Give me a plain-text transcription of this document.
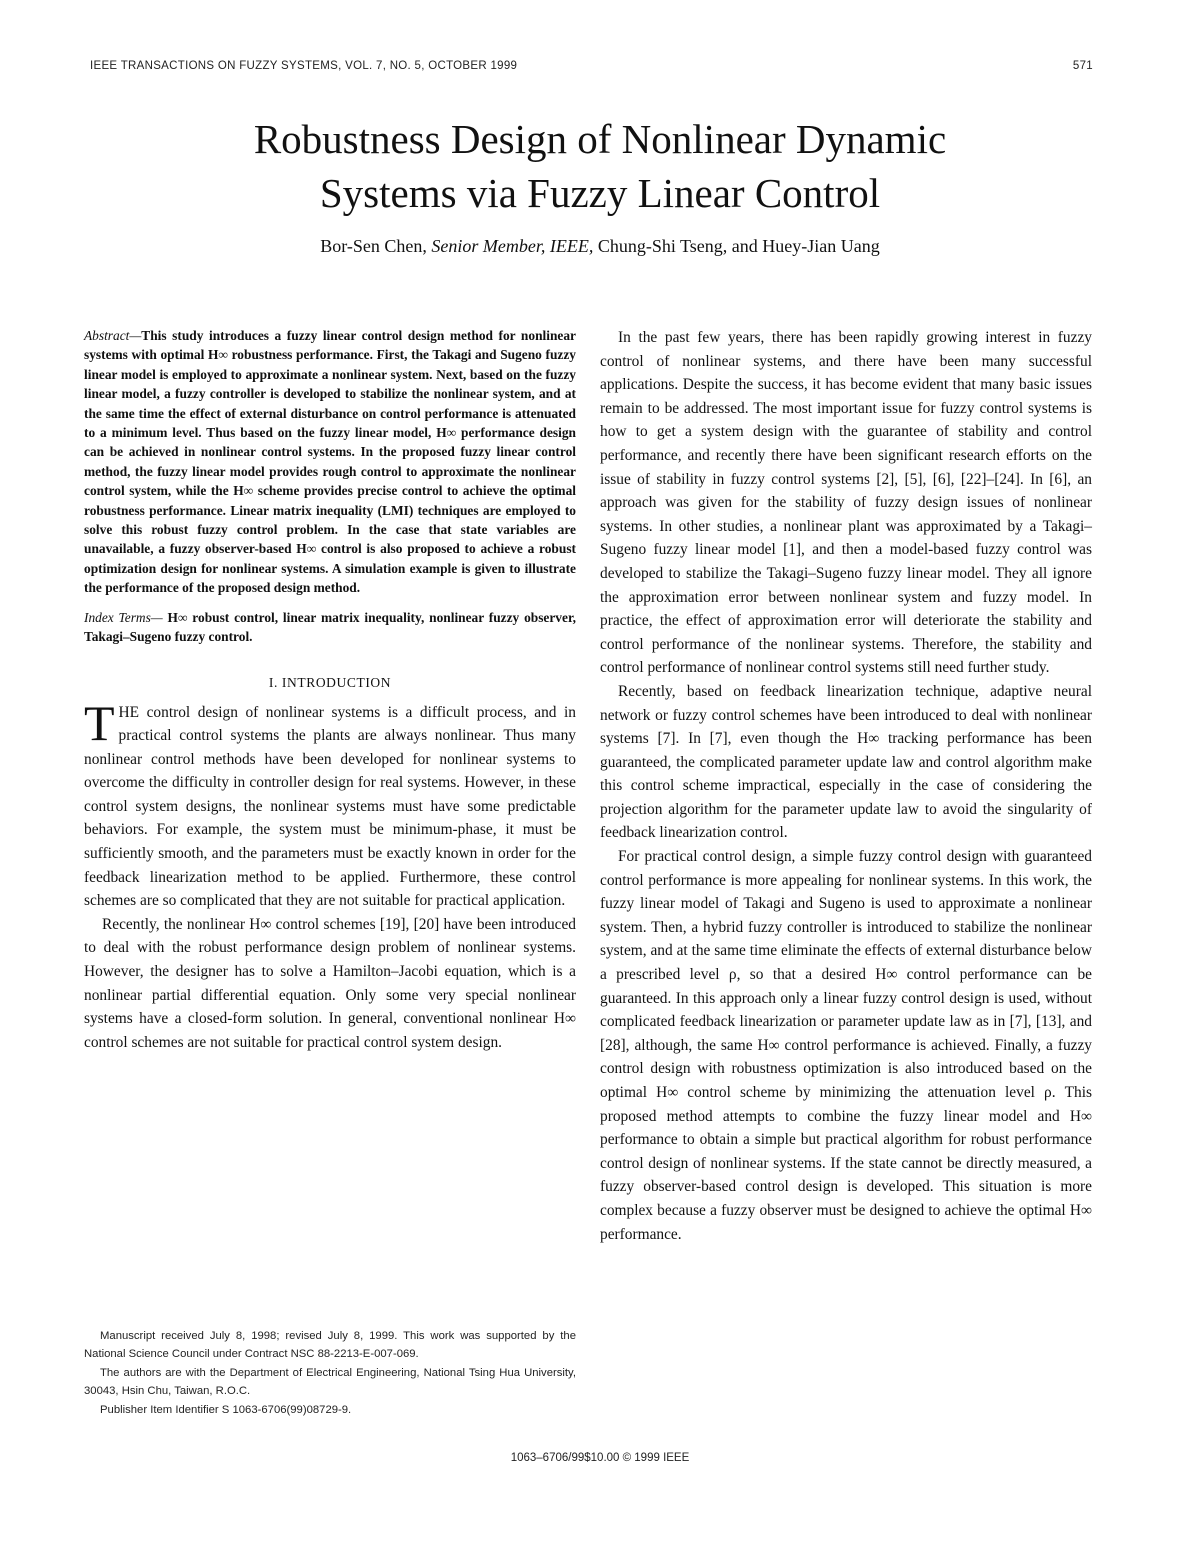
IEEE TRANSACTIONS ON FUZZY SYSTEMS, VOL. 7, NO. 5, OCTOBER 1999	571
Robustness Design of Nonlinear Dynamic
Systems via Fuzzy Linear Control
Bor-Sen Chen, Senior Member, IEEE, Chung-Shi Tseng, and Huey-Jian Uang

Abstract—This study introduces a fuzzy linear control design method for nonlinear systems with optimal H∞ robustness performance. First, the Takagi and Sugeno fuzzy linear model is employed to approximate a nonlinear system. Next, based on the fuzzy linear model, a fuzzy controller is developed to stabilize the nonlinear system, and at the same time the effect of external disturbance on control performance is attenuated to a minimum level. Thus based on the fuzzy linear model, H∞ performance design can be achieved in nonlinear control systems. In the proposed fuzzy linear control method, the fuzzy linear model provides rough control to approximate the nonlinear control system, while the H∞ scheme provides precise control to achieve the optimal robustness performance. Linear matrix inequality (LMI) techniques are employed to solve this robust fuzzy control problem. In the case that state variables are unavailable, a fuzzy observer-based H∞ control is also proposed to achieve a robust optimization design for nonlinear systems. A simulation example is given to illustrate the performance of the proposed design method.

Index Terms— H∞ robust control, linear matrix inequality, nonlinear fuzzy observer, Takagi–Sugeno fuzzy control.

I. INTRODUCTION

THE control design of nonlinear systems is a difficult process, and in practical control systems the plants are always nonlinear. Thus many nonlinear control methods have been developed for nonlinear systems to overcome the difficulty in controller design for real systems. However, in these control system designs, the nonlinear systems must have some predictable behaviors. For example, the system must be minimum-phase, it must be sufficiently smooth, and the parameters must be exactly known in order for the feedback linearization method to be applied. Furthermore, these control schemes are so complicated that they are not suitable for practical application.

Recently, the nonlinear H∞ control schemes [19], [20] have been introduced to deal with the robust performance design problem of nonlinear systems. However, the designer has to solve a Hamilton–Jacobi equation, which is a nonlinear partial differential equation. Only some very special nonlinear systems have a closed-form solution. In general, conventional nonlinear H∞ control schemes are not suitable for practical control system design.

In the past few years, there has been rapidly growing interest in fuzzy control of nonlinear systems, and there have been many successful applications. Despite the success, it has become evident that many basic issues remain to be addressed. The most important issue for fuzzy control systems is how to get a system design with the guarantee of stability and control performance, and recently there have been significant research efforts on the issue of stability in fuzzy control systems [2], [5], [6], [22]–[24]. In [6], an approach was given for the stability of fuzzy design issues of nonlinear systems. In other studies, a nonlinear plant was approximated by a Takagi–Sugeno fuzzy linear model [1], and then a model-based fuzzy control was developed to stabilize the Takagi–Sugeno fuzzy linear model. They all ignore the approximation error between nonlinear system and fuzzy model. In practice, the effect of approximation error will deteriorate the stability and control performance of the nonlinear systems. Therefore, the stability and control performance of nonlinear control systems still need further study.

Recently, based on feedback linearization technique, adaptive neural network or fuzzy control schemes have been introduced to deal with nonlinear systems [7]. In [7], even though the H∞ tracking performance has been guaranteed, the complicated parameter update law and control algorithm make this control scheme impractical, especially in the case of considering the projection algorithm for the parameter update law to avoid the singularity of feedback linearization control.

For practical control design, a simple fuzzy control design with guaranteed control performance is more appealing for nonlinear systems. In this work, the fuzzy linear model of Takagi and Sugeno is used to approximate a nonlinear system. Then, a hybrid fuzzy controller is introduced to stabilize the nonlinear system, and at the same time eliminate the effects of external disturbance below a prescribed level ρ, so that a desired H∞ control performance can be guaranteed. In this approach only a linear fuzzy control design is used, without complicated feedback linearization or parameter update law as in [7], [13], and [28], although, the same H∞ control performance is achieved. Finally, a fuzzy control design with robustness optimization is also introduced based on the optimal H∞ control scheme by minimizing the attenuation level ρ. This proposed method attempts to combine the fuzzy linear model and H∞ performance to obtain a simple but practical algorithm for robust performance control design of nonlinear systems. If the state cannot be directly measured, a fuzzy observer-based control design is developed. This situation is more complex because a fuzzy observer must be designed to achieve the optimal H∞ performance.

Manuscript received July 8, 1998; revised July 8, 1999. This work was supported by the National Science Council under Contract NSC 88-2213-E-007-069.

The authors are with the Department of Electrical Engineering, National Tsing Hua University, 30043, Hsin Chu, Taiwan, R.O.C.

Publisher Item Identifier S 1063-6706(99)08729-9.

1063–6706/99$10.00 © 1999 IEEE
